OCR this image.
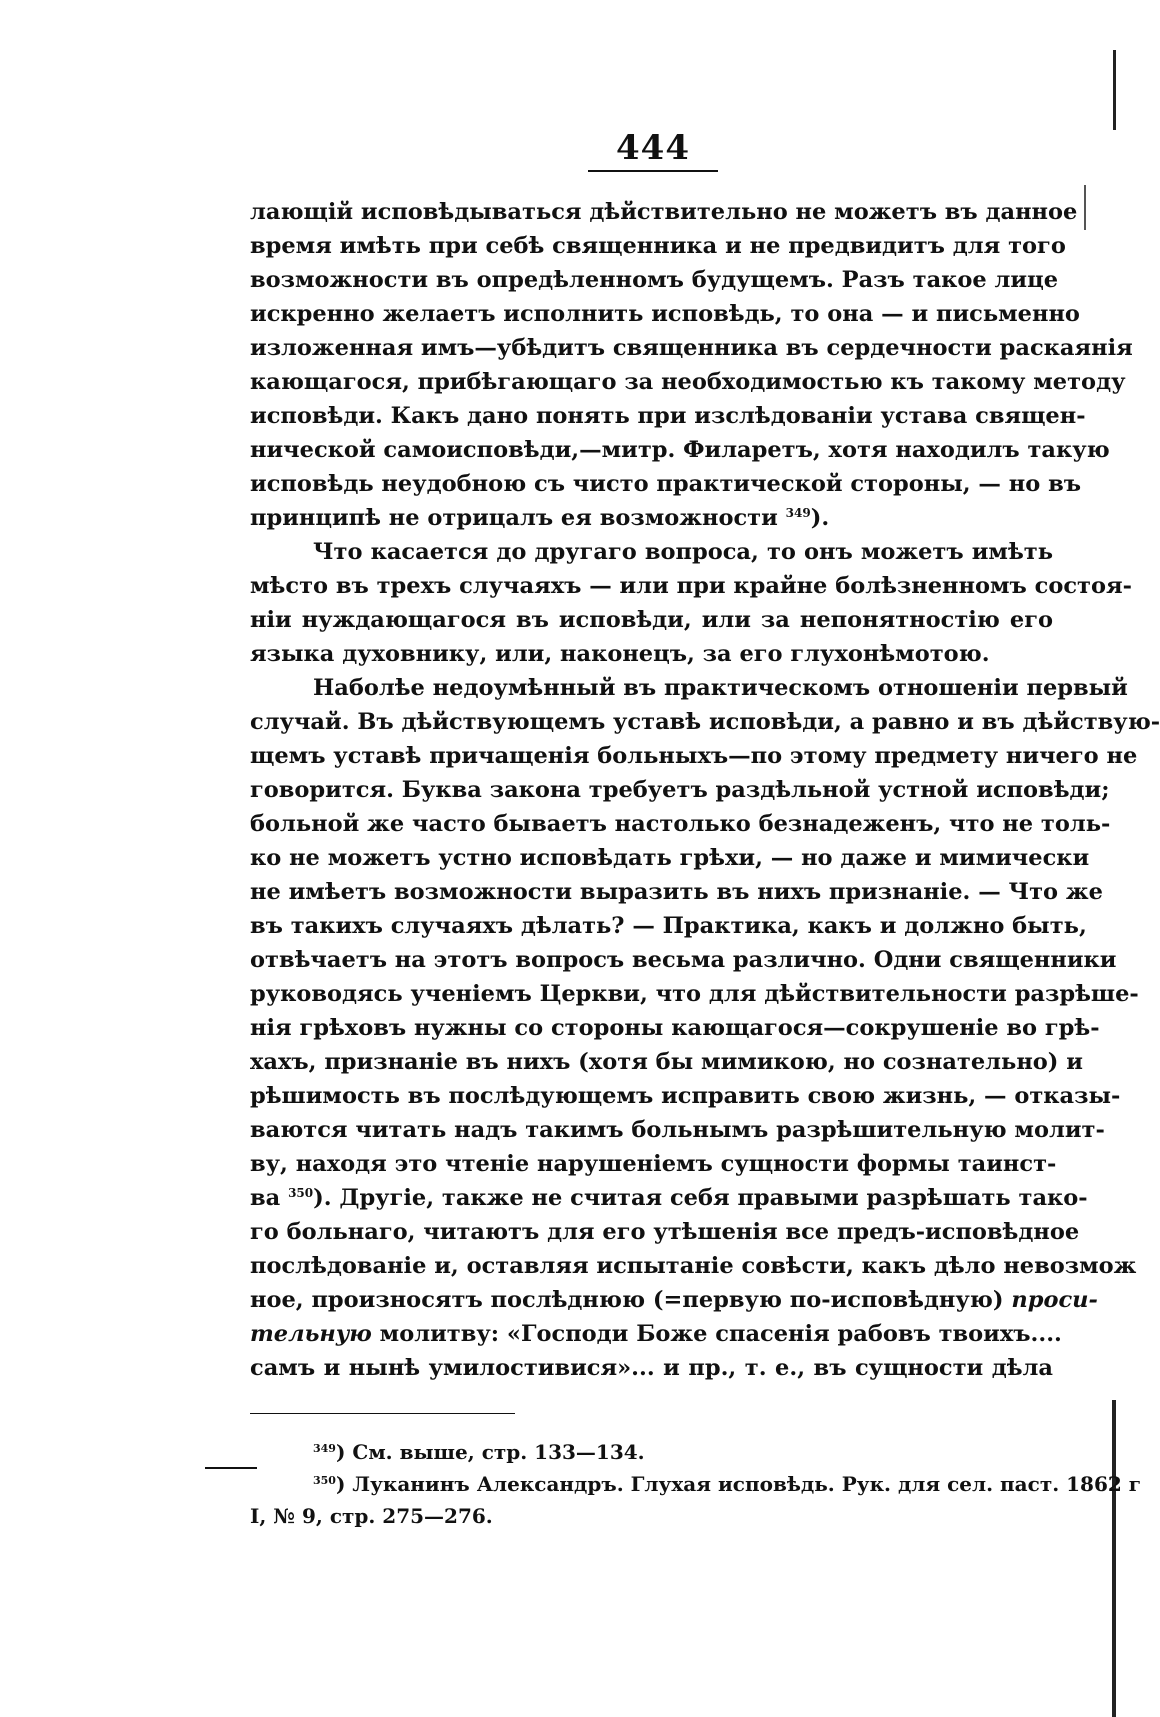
444
лающій исповѣдываться дѣйствительно не можетъ въ данное
время имѣть при себѣ священника и не предвидитъ для того
возможности въ опредѣленномъ будущемъ. Разъ такое лице
искренно желаетъ исполнить исповѣдь, то она — и письменно
изложенная имъ—убѣдитъ священника въ сердечности раскаянія
кающагося, прибѣгающаго за необходимостью къ такому методу
исповѣди. Какъ дано понять при изслѣдованіи устава священ-
нической самоисповѣди,—митр. Филаретъ, хотя находилъ такую
исповѣдь неудобною съ чисто практической стороны, — но въ
принципѣ не отрицалъ ея возможности $^{349}$).
Что касается до другаго вопроса, то онъ можетъ имѣть
мѣсто въ трехъ случаяхъ — или при крайне болѣзненномъ состоя-
ніи нуждающагося въ исповѣди, или за непонятностію его
языка духовнику, или, наконецъ, за его глухонѣмотою.
Наболѣе недоумѣнный въ практическомъ отношеніи первый
случай. Въ дѣйствующемъ уставѣ исповѣди, а равно и въ дѣйствую-
щемъ уставѣ причащенія больныхъ—по этому предмету ничего не
говорится. Буква закона требуетъ раздѣльной устной исповѣди;
больной же часто бываетъ настолько безнадеженъ, что не толь-
ко не можетъ устно исповѣдать грѣхи, — но даже и мимически
не имѣетъ возможности выразить въ нихъ признаніе. — Что же
въ такихъ случаяхъ дѣлать? — Практика, какъ и должно быть,
отвѣчаетъ на этотъ вопросъ весьма различно. Одни священники
руководясь ученіемъ Церкви, что для дѣйствительности разрѣше-
нія грѣховъ нужны со стороны кающагося—сокрушеніе во грѣ-
хахъ, признаніе въ нихъ (хотя бы мимикою, но сознательно) и
рѣшимость въ послѣдующемъ исправить свою жизнь, — отказы-
ваются читать надъ такимъ больнымъ разрѣшительную молит-
ву, находя это чтеніе нарушеніемъ сущности формы таинст-
ва $^{350}$). Другіе, также не считая себя правыми разрѣшать тако-
го больнаго, читаютъ для его утѣшенія все предъ-исповѣдное
послѣдованіе и, оставляя испытаніе совѣсти, какъ дѣло невозмож
ное, произносятъ послѣднюю (=первую по-исповѣдную) проси-
тельную молитву: «Господи Боже спасенія рабовъ твоихъ....
самъ и нынѣ умилостивися»... и пр., т. е., въ сущности дѣла
$^{349}$) См. выше, стр. 133—134.
$^{350}$) Луканинъ Александръ. Глухая исповѣдь. Рук. для сел. паст. 1862 г
I, № 9, стр. 275—276.
